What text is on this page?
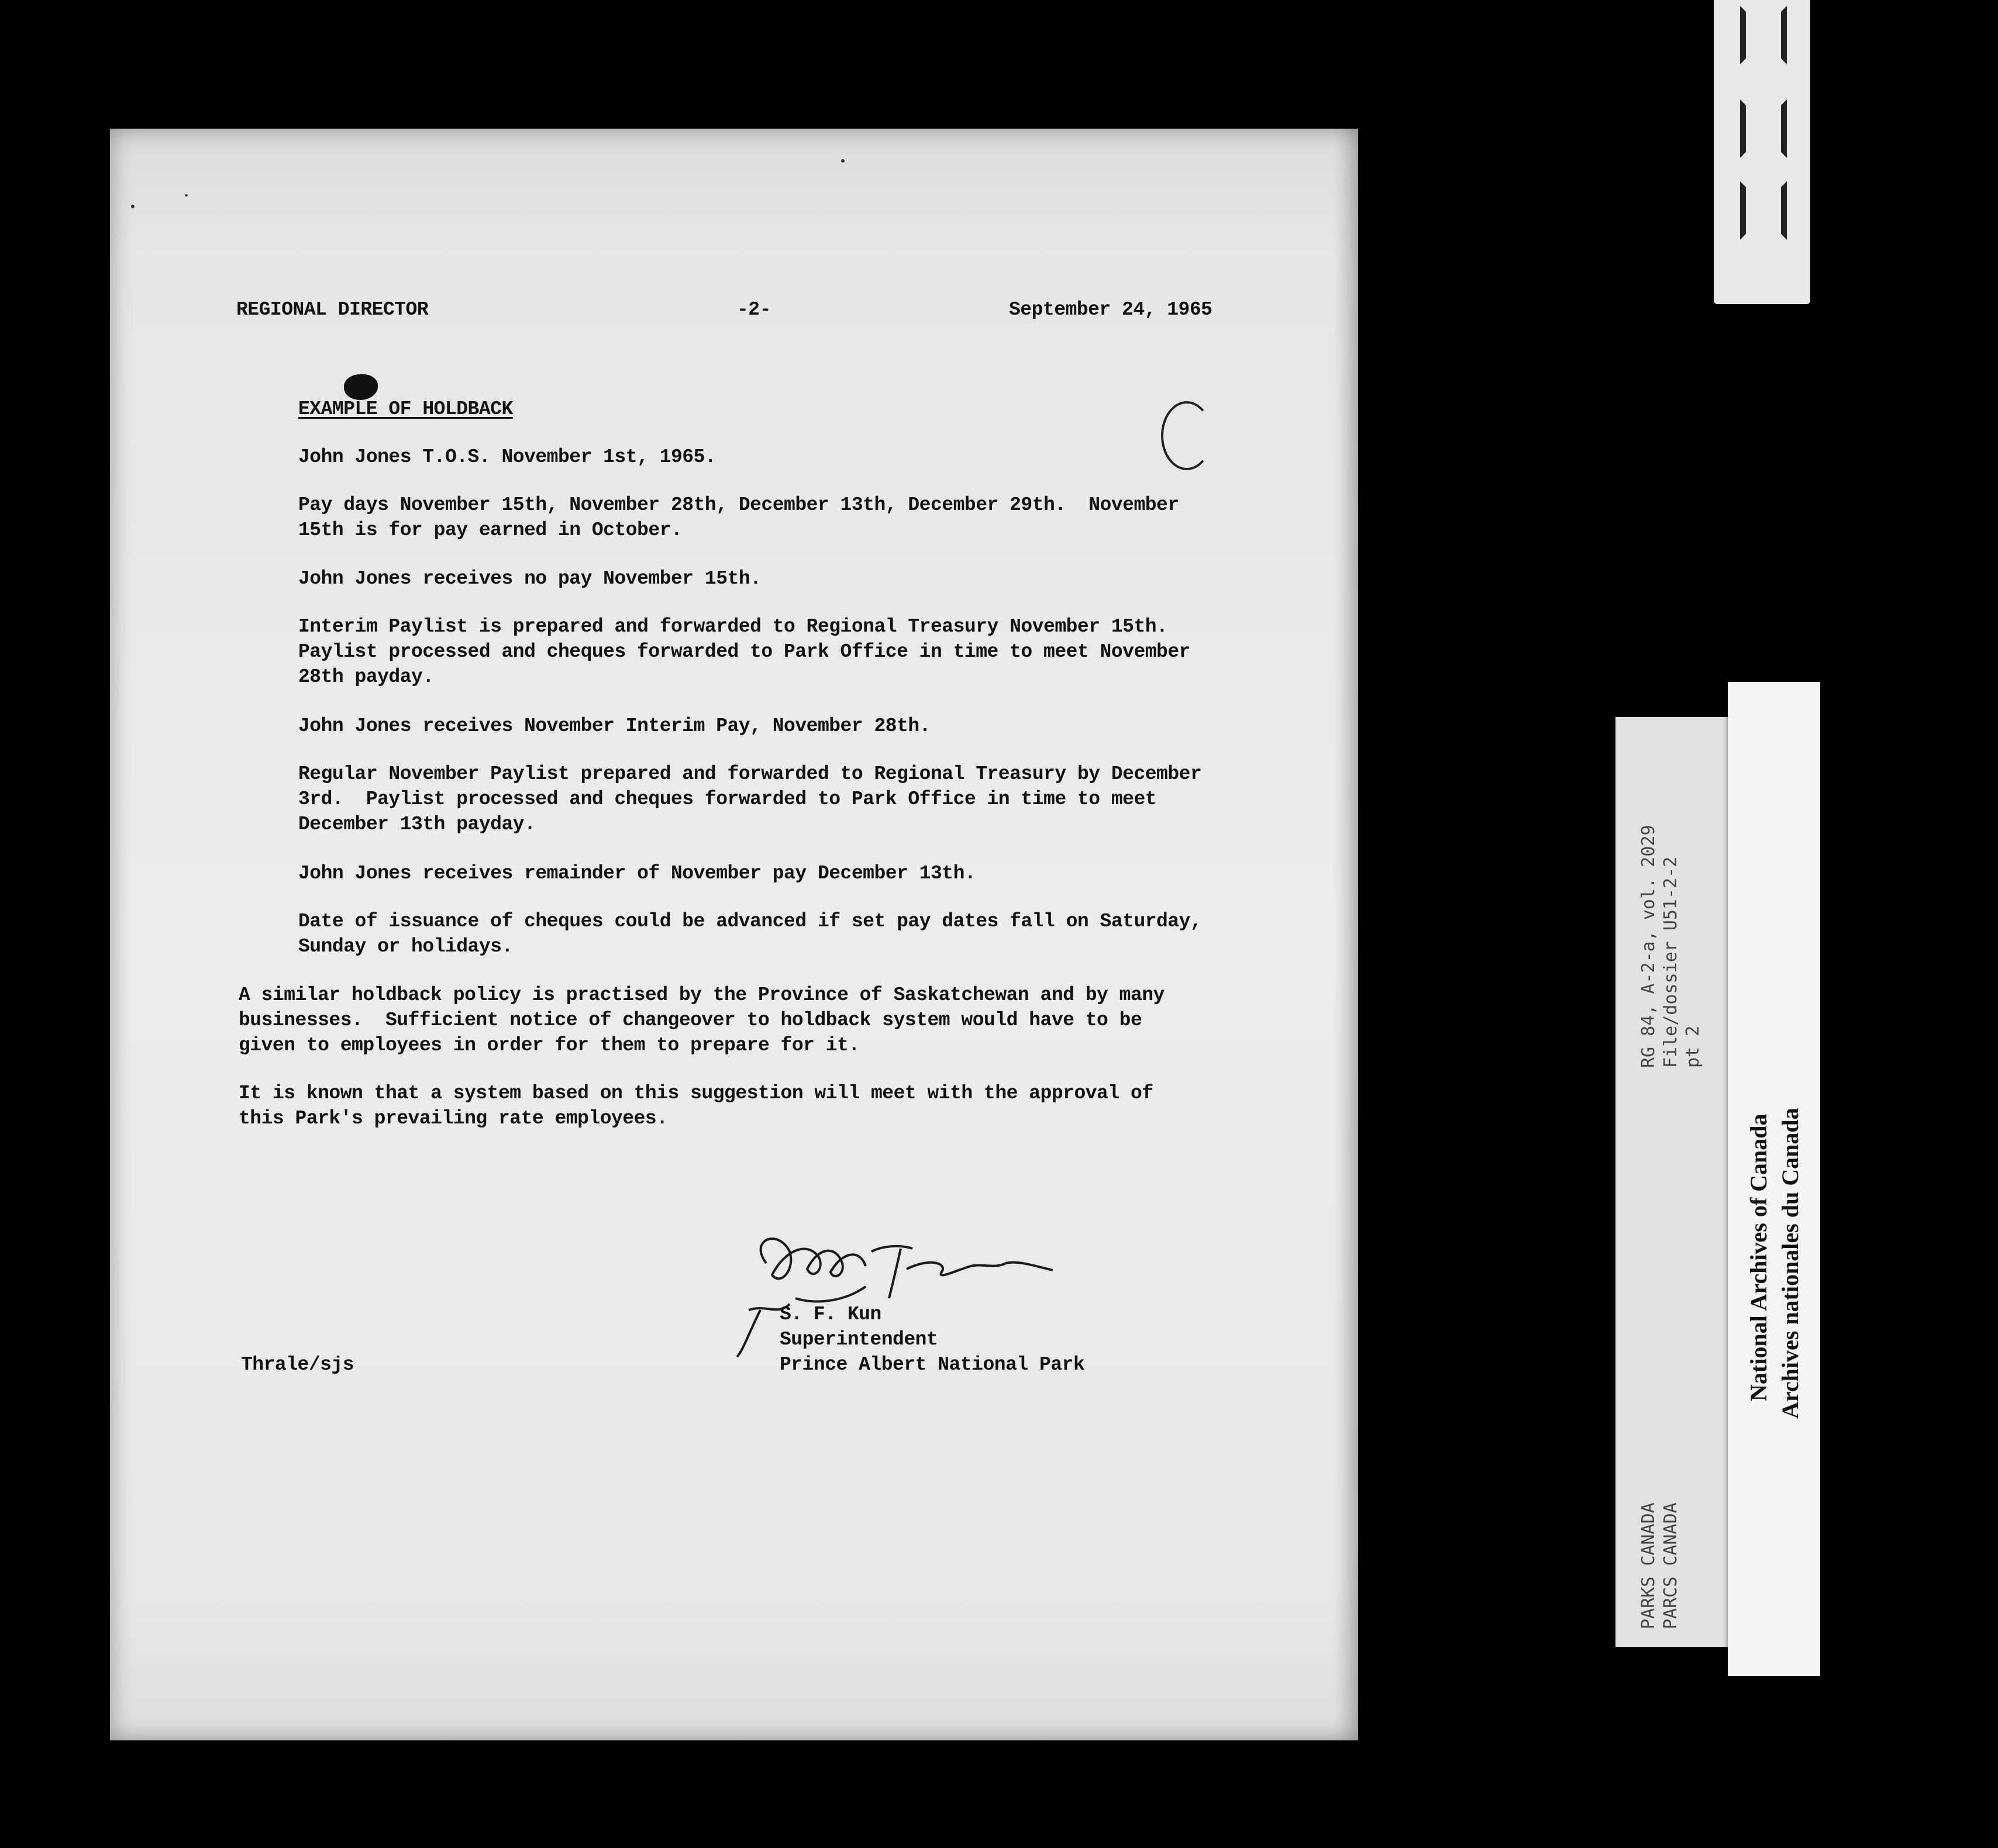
REGIONAL DIRECTOR	-2-	September 24, 1965
EXAMPLE OF HOLDBACK
John Jones T.O.S. November 1st, 1965.
Pay days November 15th, November 28th, December 13th, December 29th.  November
15th is for pay earned in October.
John Jones receives no pay November 15th.
Interim Paylist is prepared and forwarded to Regional Treasury November 15th.
Paylist processed and cheques forwarded to Park Office in time to meet November
28th payday.
John Jones receives November Interim Pay, November 28th.
Regular November Paylist prepared and forwarded to Regional Treasury by December
3rd.  Paylist processed and cheques forwarded to Park Office in time to meet
December 13th payday.
John Jones receives remainder of November pay December 13th.
Date of issuance of cheques could be advanced if set pay dates fall on Saturday,
Sunday or holidays.
A similar holdback policy is practised by the Province of Saskatchewan and by many
businesses.  Sufficient notice of changeover to holdback system would have to be
given to employees in order for them to prepare for it.
It is known that a system based on this suggestion will meet with the approval of
this Park's prevailing rate employees.
S. F. Kun
Superintendent
Prince Albert National Park
Thrale/sjs
RG 84, A-2-a, vol. 2029 File/dossier U51-2-2 pt 2
PARKS CANADA PARCS CANADA
National Archives of Canada Archives nationales du Canada
